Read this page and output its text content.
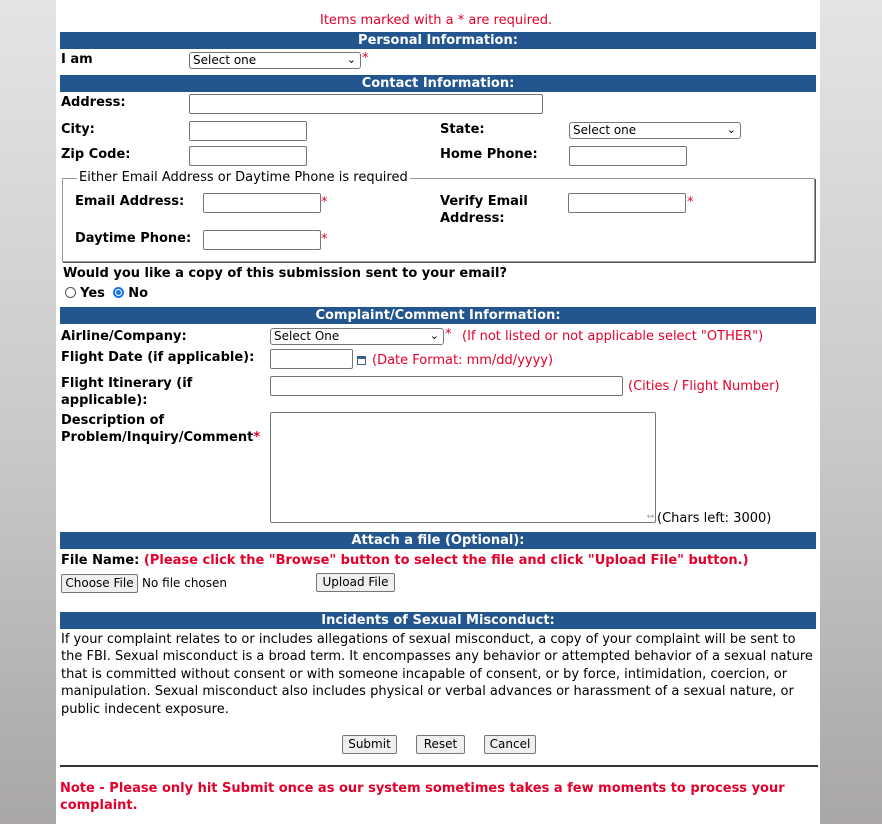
Items marked with a * are required.
Personal Information:
I am	Select one	⌄ *
Contact Information:
Address:
City:	State:	Select one	⌄
Zip Code:	Home Phone:
Either Email Address or Daytime Phone is required
Email Address:	*	Verify Email
Address:
*
Daytime Phone:	*
Would you like a copy of this submission sent to your email?
Yes No
Complaint/Comment Information:
Airline/Company:	Select One	⌄ * (If not listed or not applicable select "OTHER")
Flight Date (if applicable):	(Date Format: mm/dd/yyyy)
Flight Itinerary (if
applicable):
(Cities / Flight Number)
Description of
Problem/Inquiry/Comment*
⇿ (Chars left: 3000)
Attach a file (Optional):
File Name: (Please click the "Browse" button to select the file and click "Upload File" button.)
Choose File No file chosen	Upload File
Incidents of Sexual Misconduct:
If your complaint relates to or includes allegations of sexual misconduct, a copy of your complaint will be sent to the FBI. Sexual misconduct is a broad term. It encompasses any behavior or attempted behavior of a sexual nature that is committed without consent or with someone incapable of consent, or by force, intimidation, coercion, or manipulation. Sexual misconduct also includes physical or verbal advances or harassment of a sexual nature, or public indecent exposure.
Submit	Reset	Cancel
Note - Please only hit Submit once as our system sometimes takes a few moments to process your complaint.
